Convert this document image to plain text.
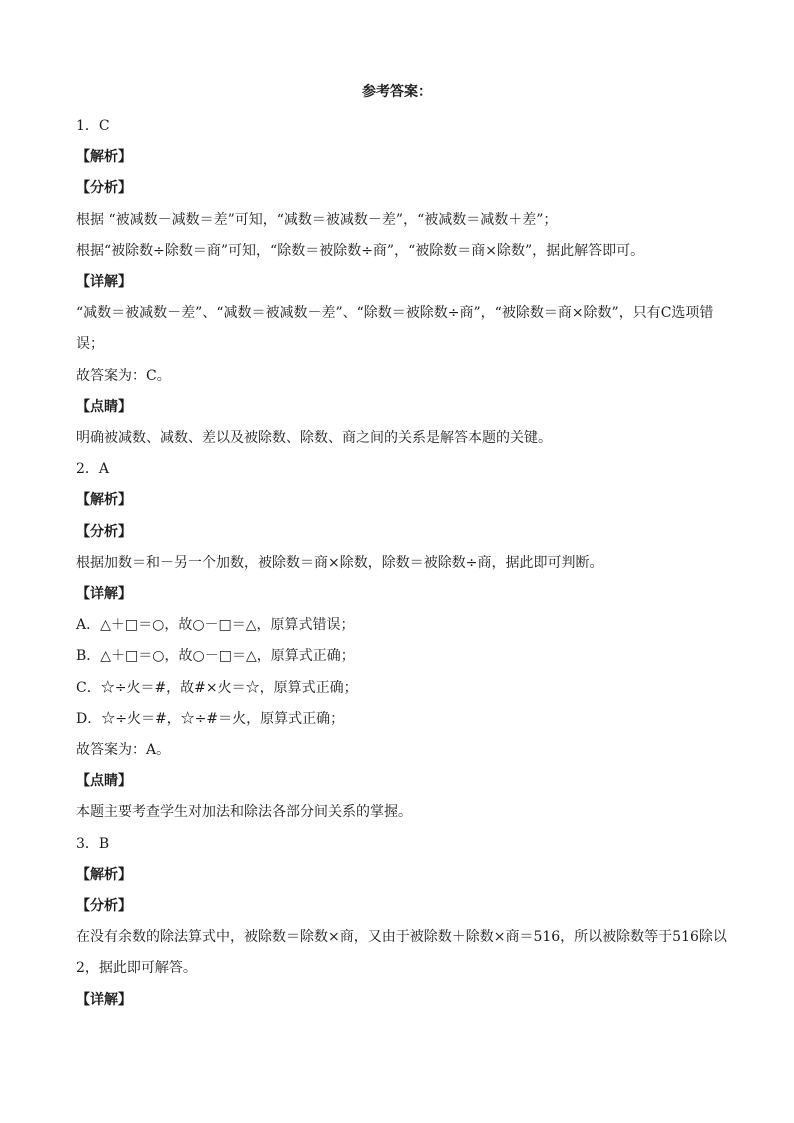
参考答案：
1．C
【解析】
【分析】
根据 “被减数－减数＝差”可知，“减数＝被减数－差”，“被减数＝减数＋差”；
根据“被除数÷除数＝商”可知，“除数＝被除数÷商”，“被除数＝商×除数”，据此解答即可。
【详解】
“减数＝被减数－差”、“减数＝被减数－差”、“除数＝被除数÷商”，“被除数＝商×除数”，只有C选项错
误；
故答案为：C。
【点睛】
明确被减数、减数、差以及被除数、除数、商之间的关系是解答本题的关键。
2．A
【解析】
【分析】
根据加数＝和－另一个加数，被除数＝商×除数，除数＝被除数÷商，据此即可判断。
【详解】
A．△＋□＝○，故○－□＝△，原算式错误；
B．△＋□＝○，故○－□＝△，原算式正确；
C．☆÷火＝#，故#×火＝☆，原算式正确；
D．☆÷火＝#，☆÷#＝火，原算式正确；
故答案为：A。
【点睛】
本题主要考查学生对加法和除法各部分间关系的掌握。
3．B
【解析】
【分析】
在没有余数的除法算式中，被除数＝除数×商，又由于被除数＋除数×商＝516，所以被除数等于516除以
2，据此即可解答。
【详解】
